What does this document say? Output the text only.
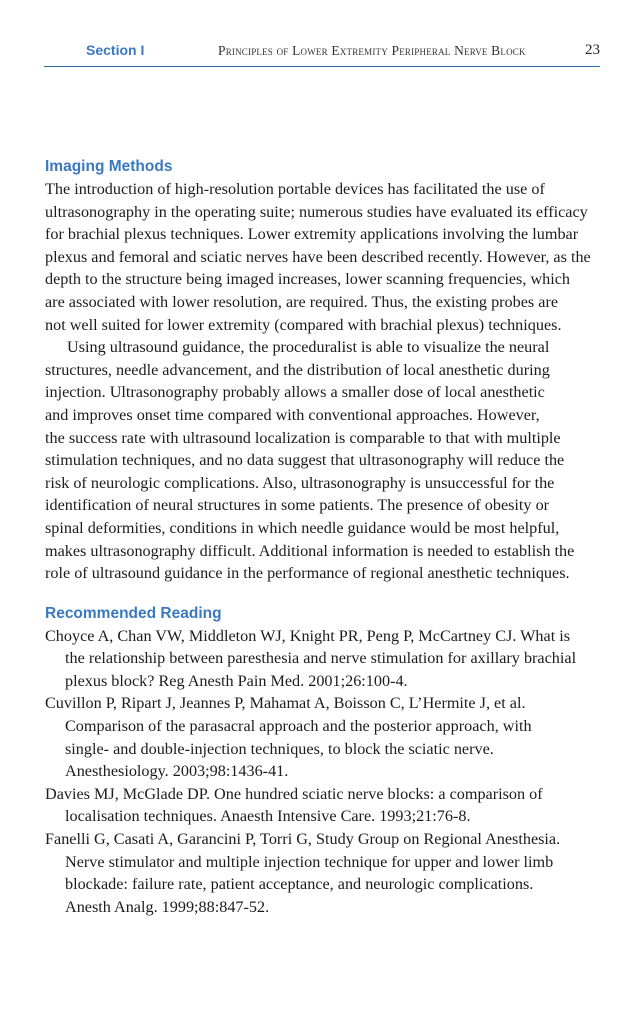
Section I	Principles of Lower Extremity Peripheral Nerve Block	23
Imaging Methods

The introduction of high-resolution portable devices has facilitated the use of
ultrasonography in the operating suite; numerous studies have evaluated its efficacy
for brachial plexus techniques. Lower extremity applications involving the lumbar
plexus and femoral and sciatic nerves have been described recently. However, as the
depth to the structure being imaged increases, lower scanning frequencies, which
are associated with lower resolution, are required. Thus, the existing probes are
not well suited for lower extremity (compared with brachial plexus) techniques.

Using ultrasound guidance, the proceduralist is able to visualize the neural
structures, needle advancement, and the distribution of local anesthetic during
injection. Ultrasonography probably allows a smaller dose of local anesthetic
and improves onset time compared with conventional approaches. However,
the success rate with ultrasound localization is comparable to that with multiple
stimulation techniques, and no data suggest that ultrasonography will reduce the
risk of neurologic complications. Also, ultrasonography is unsuccessful for the
identification of neural structures in some patients. The presence of obesity or
spinal deformities, conditions in which needle guidance would be most helpful,
makes ultrasonography difficult. Additional information is needed to establish the
role of ultrasound guidance in the performance of regional anesthetic techniques.

Recommended Reading

Choyce A, Chan VW, Middleton WJ, Knight PR, Peng P, McCartney CJ. What is
the relationship between paresthesia and nerve stimulation for axillary brachial
plexus block? Reg Anesth Pain Med. 2001;26:100-4.

Cuvillon P, Ripart J, Jeannes P, Mahamat A, Boisson C, L’Hermite J, et al.
Comparison of the parasacral approach and the posterior approach, with
single- and double-injection techniques, to block the sciatic nerve.
Anesthesiology. 2003;98:1436-41.

Davies MJ, McGlade DP. One hundred sciatic nerve blocks: a comparison of
localisation techniques. Anaesth Intensive Care. 1993;21:76-8.

Fanelli G, Casati A, Garancini P, Torri G, Study Group on Regional Anesthesia.
Nerve stimulator and multiple injection technique for upper and lower limb
blockade: failure rate, patient acceptance, and neurologic complications.
Anesth Analg. 1999;88:847-52.
